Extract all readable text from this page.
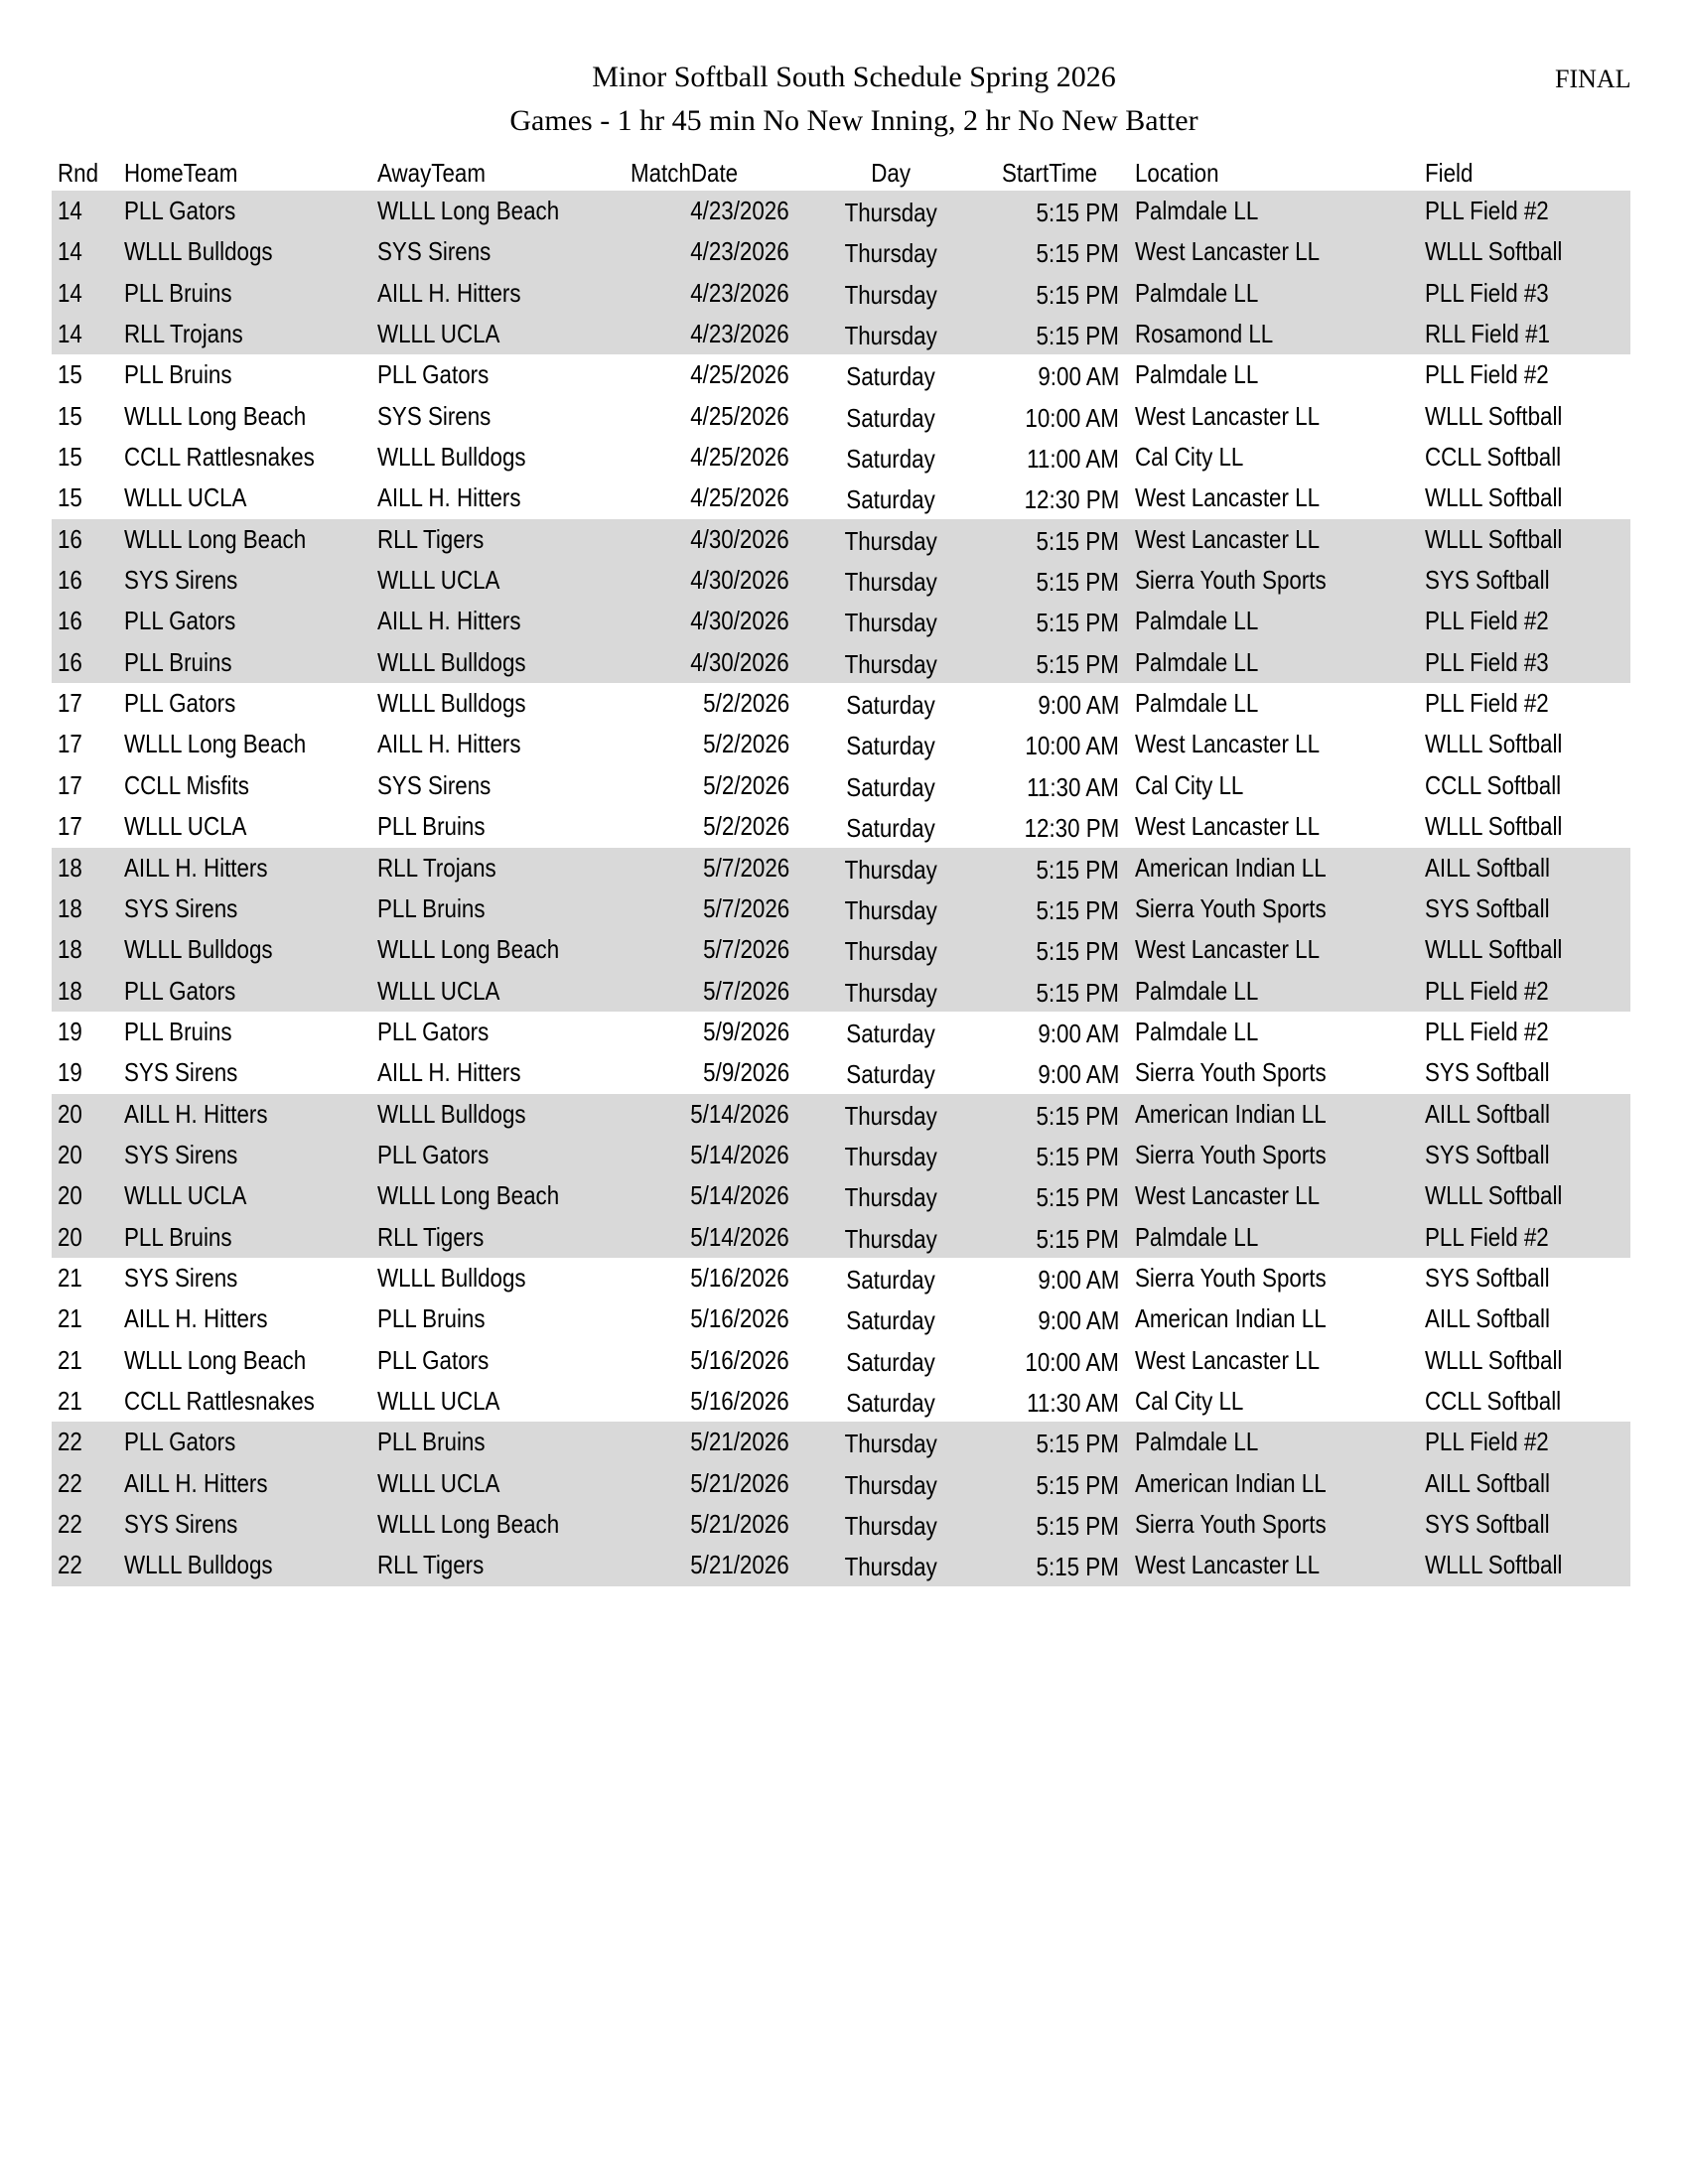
Minor Softball South Schedule Spring 2026
Games - 1 hr 45 min No New Inning, 2 hr No New Batter
FINAL
Rnd HomeTeam	AwayTeam	MatchDate	Day	StartTime	Location	Field
14	PLL Gators	WLLL Long Beach	4/23/2026	Thursday	5:15 PM Palmdale LL	PLL Field #2
14	WLLL Bulldogs	SYS Sirens	4/23/2026	Thursday	5:15 PM West Lancaster LL	WLLL Softball
14	PLL Bruins	AILL H. Hitters	4/23/2026	Thursday	5:15 PM Palmdale LL	PLL Field #3
14	RLL Trojans	WLLL UCLA	4/23/2026	Thursday	5:15 PM Rosamond LL	RLL Field #1
15	PLL Bruins	PLL Gators	4/25/2026	Saturday	9:00 AM Palmdale LL	PLL Field #2
15	WLLL Long Beach	SYS Sirens	4/25/2026	Saturday	10:00 AM West Lancaster LL	WLLL Softball
15	CCLL Rattlesnakes	WLLL Bulldogs	4/25/2026	Saturday	11:00 AM Cal City LL	CCLL Softball
15	WLLL UCLA	AILL H. Hitters	4/25/2026	Saturday	12:30 PM West Lancaster LL	WLLL Softball
16	WLLL Long Beach	RLL Tigers	4/30/2026	Thursday	5:15 PM West Lancaster LL	WLLL Softball
16	SYS Sirens	WLLL UCLA	4/30/2026	Thursday	5:15 PM Sierra Youth Sports	SYS Softball
16	PLL Gators	AILL H. Hitters	4/30/2026	Thursday	5:15 PM Palmdale LL	PLL Field #2
16	PLL Bruins	WLLL Bulldogs	4/30/2026	Thursday	5:15 PM Palmdale LL	PLL Field #3
17	PLL Gators	WLLL Bulldogs	5/2/2026	Saturday	9:00 AM Palmdale LL	PLL Field #2
17	WLLL Long Beach	AILL H. Hitters	5/2/2026	Saturday	10:00 AM West Lancaster LL	WLLL Softball
17	CCLL Misfits	SYS Sirens	5/2/2026	Saturday	11:30 AM Cal City LL	CCLL Softball
17	WLLL UCLA	PLL Bruins	5/2/2026	Saturday	12:30 PM West Lancaster LL	WLLL Softball
18	AILL H. Hitters	RLL Trojans	5/7/2026	Thursday	5:15 PM American Indian LL	AILL Softball
18	SYS Sirens	PLL Bruins	5/7/2026	Thursday	5:15 PM Sierra Youth Sports	SYS Softball
18	WLLL Bulldogs	WLLL Long Beach	5/7/2026	Thursday	5:15 PM West Lancaster LL	WLLL Softball
18	PLL Gators	WLLL UCLA	5/7/2026	Thursday	5:15 PM Palmdale LL	PLL Field #2
19	PLL Bruins	PLL Gators	5/9/2026	Saturday	9:00 AM Palmdale LL	PLL Field #2
19	SYS Sirens	AILL H. Hitters	5/9/2026	Saturday	9:00 AM Sierra Youth Sports	SYS Softball
20	AILL H. Hitters	WLLL Bulldogs	5/14/2026	Thursday	5:15 PM American Indian LL	AILL Softball
20	SYS Sirens	PLL Gators	5/14/2026	Thursday	5:15 PM Sierra Youth Sports	SYS Softball
20	WLLL UCLA	WLLL Long Beach	5/14/2026	Thursday	5:15 PM West Lancaster LL	WLLL Softball
20	PLL Bruins	RLL Tigers	5/14/2026	Thursday	5:15 PM Palmdale LL	PLL Field #2
21	SYS Sirens	WLLL Bulldogs	5/16/2026	Saturday	9:00 AM Sierra Youth Sports	SYS Softball
21	AILL H. Hitters	PLL Bruins	5/16/2026	Saturday	9:00 AM American Indian LL	AILL Softball
21	WLLL Long Beach	PLL Gators	5/16/2026	Saturday	10:00 AM West Lancaster LL	WLLL Softball
21	CCLL Rattlesnakes	WLLL UCLA	5/16/2026	Saturday	11:30 AM Cal City LL	CCLL Softball
22	PLL Gators	PLL Bruins	5/21/2026	Thursday	5:15 PM Palmdale LL	PLL Field #2
22	AILL H. Hitters	WLLL UCLA	5/21/2026	Thursday	5:15 PM American Indian LL	AILL Softball
22	SYS Sirens	WLLL Long Beach	5/21/2026	Thursday	5:15 PM Sierra Youth Sports	SYS Softball
22	WLLL Bulldogs	RLL Tigers	5/21/2026	Thursday	5:15 PM West Lancaster LL	WLLL Softball
